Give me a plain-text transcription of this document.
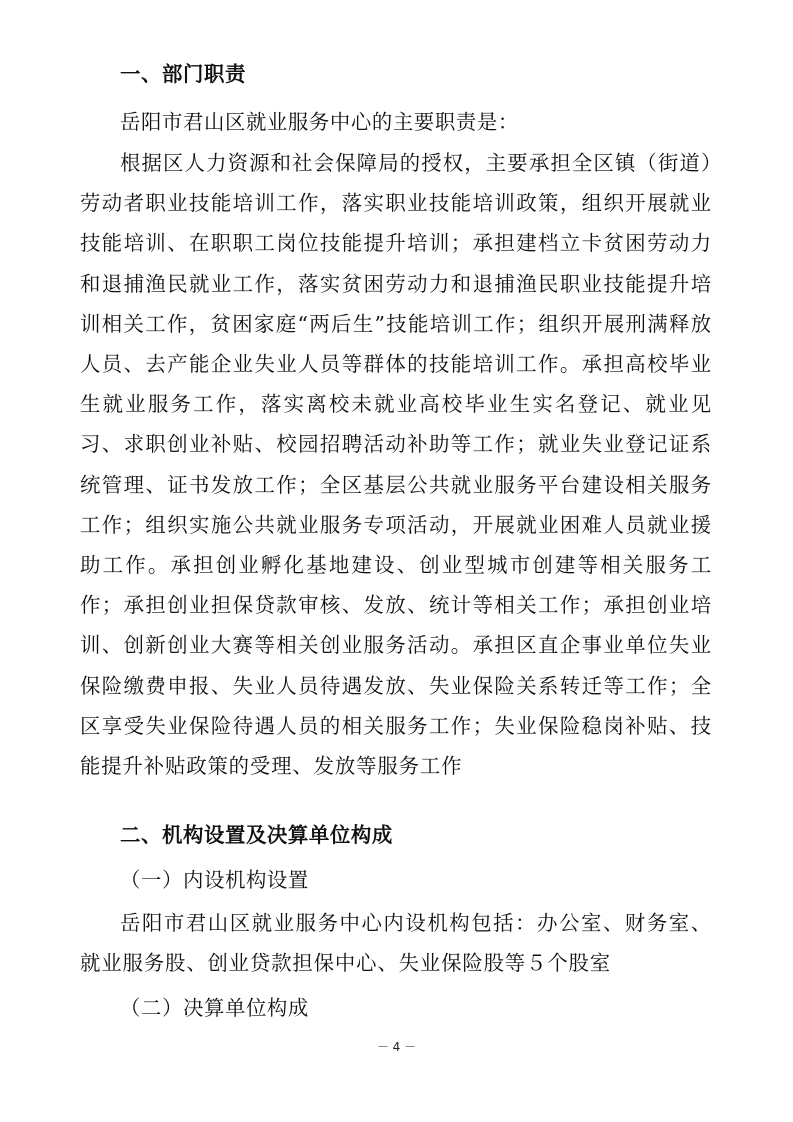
一、部门职责
岳阳市君山区就业服务中心的主要职责是：
根据区人力资源和社会保障局的授权，主要承担全区镇（街道）劳动者职业技能培训工作，落实职业技能培训政策，组织开展就业技能培训、在职职工岗位技能提升培训；承担建档立卡贫困劳动力和退捕渔民就业工作，落实贫困劳动力和退捕渔民职业技能提升培训相关工作，贫困家庭“两后生”技能培训工作；组织开展刑满释放人员、去产能企业失业人员等群体的技能培训工作。承担高校毕业生就业服务工作，落实离校未就业高校毕业生实名登记、就业见习、求职创业补贴、校园招聘活动补助等工作；就业失业登记证系统管理、证书发放工作；全区基层公共就业服务平台建设相关服务工作；组织实施公共就业服务专项活动，开展就业困难人员就业援助工作。承担创业孵化基地建设、创业型城市创建等相关服务工作；承担创业担保贷款审核、发放、统计等相关工作；承担创业培训、创新创业大赛等相关创业服务活动。承担区直企事业单位失业保险缴费申报、失业人员待遇发放、失业保险关系转迁等工作；全区享受失业保险待遇人员的相关服务工作；失业保险稳岗补贴、技能提升补贴政策的受理、发放等服务工作
二、机构设置及决算单位构成
（一）内设机构设置
岳阳市君山区就业服务中心内设机构包括：办公室、财务室、就业服务股、创业贷款担保中心、失业保险股等５个股室
（二）决算单位构成
－ 4 －
